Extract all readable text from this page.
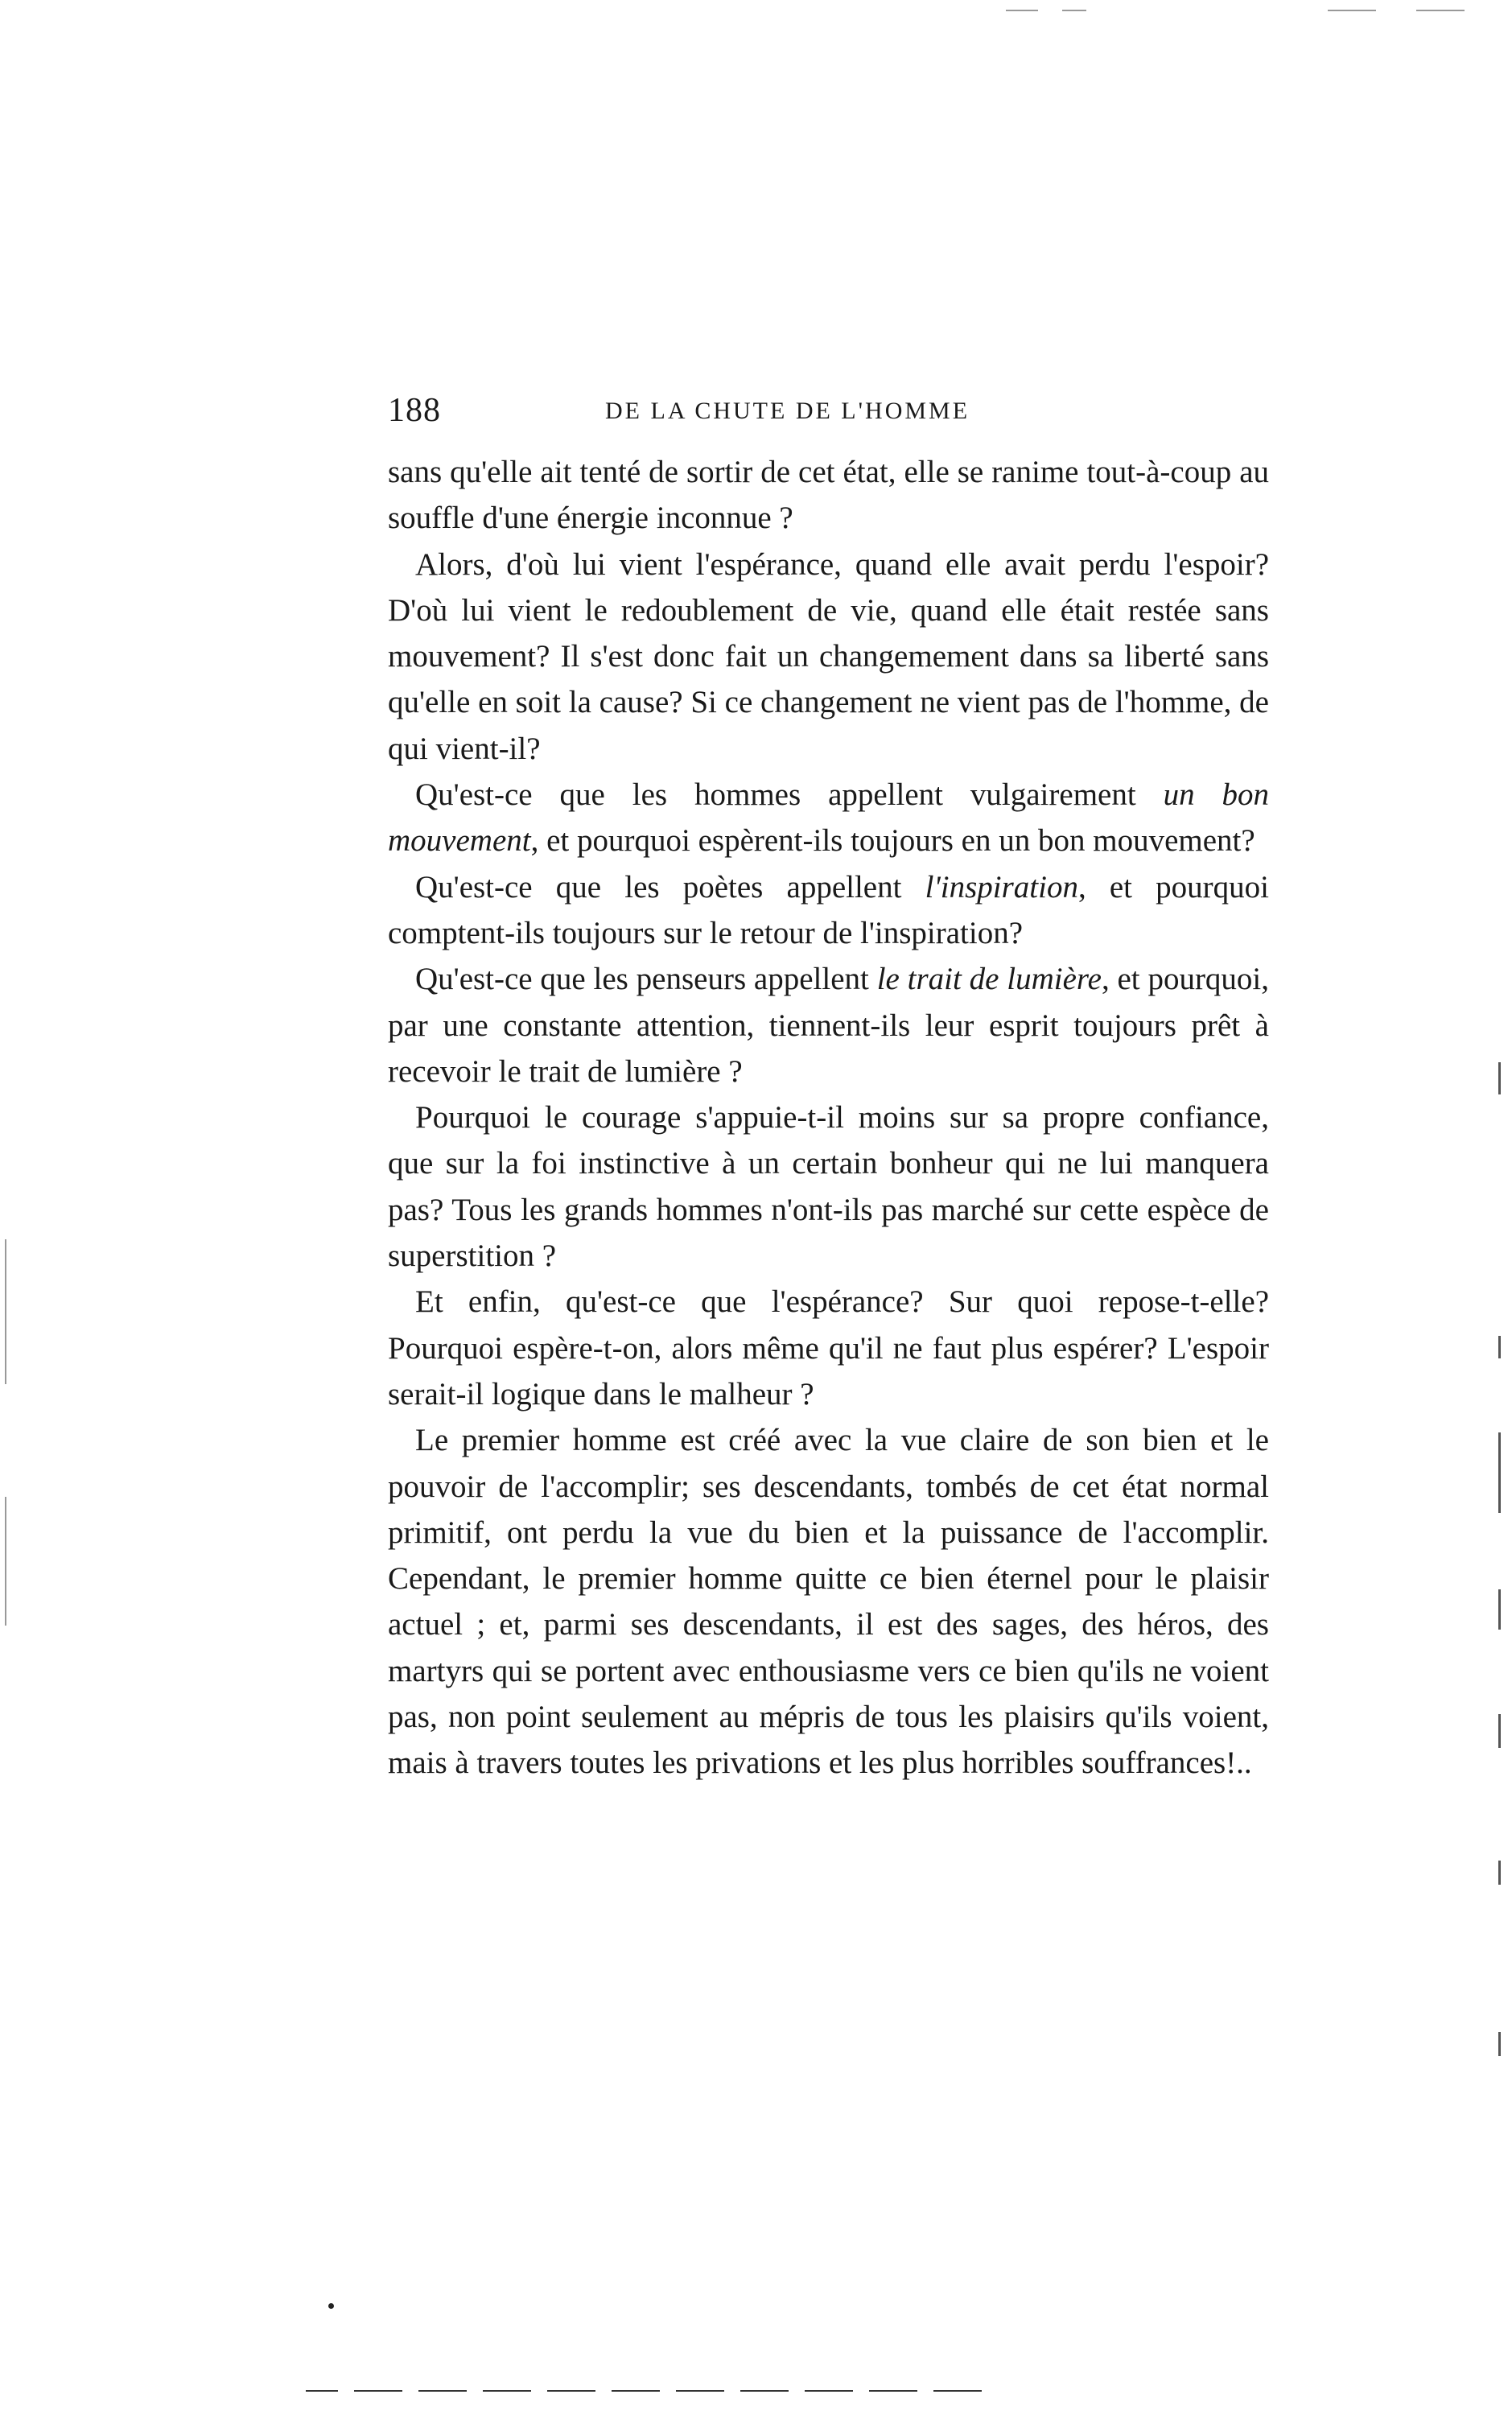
188	DE LA CHUTE DE L'HOMME

sans qu'elle ait tenté de sortir de cet état, elle se ranime tout-à-coup au souffle d'une énergie inconnue ?

Alors, d'où lui vient l'espérance, quand elle avait perdu l'espoir? D'où lui vient le redoublement de vie, quand elle était restée sans mouvement? Il s'est donc fait un changemement dans sa liberté sans qu'elle en soit la cause? Si ce changement ne vient pas de l'homme, de qui vient-il?

Qu'est-ce que les hommes appellent vulgairement un bon mouvement, et pourquoi espèrent-ils toujours en un bon mouvement?

Qu'est-ce que les poètes appellent l'inspiration, et pourquoi comptent-ils toujours sur le retour de l'inspiration?

Qu'est-ce que les penseurs appellent le trait de lumière, et pourquoi, par une constante attention, tiennent-ils leur esprit toujours prêt à recevoir le trait de lumière ?

Pourquoi le courage s'appuie-t-il moins sur sa propre confiance, que sur la foi instinctive à un certain bonheur qui ne lui manquera pas? Tous les grands hommes n'ont-ils pas marché sur cette espèce de superstition ?

Et enfin, qu'est-ce que l'espérance? Sur quoi repose-t-elle? Pourquoi espère-t-on, alors même qu'il ne faut plus espérer? L'espoir serait-il logique dans le malheur ?

Le premier homme est créé avec la vue claire de son bien et le pouvoir de l'accomplir; ses descendants, tombés de cet état normal primitif, ont perdu la vue du bien et la puissance de l'accomplir. Cependant, le premier homme quitte ce bien éternel pour le plaisir actuel ; et, parmi ses descendants, il est des sages, des héros, des martyrs qui se portent avec enthousiasme vers ce bien qu'ils ne voient pas, non point seulement au mépris de tous les plaisirs qu'ils voient, mais à travers toutes les privations et les plus horribles souffrances!..
